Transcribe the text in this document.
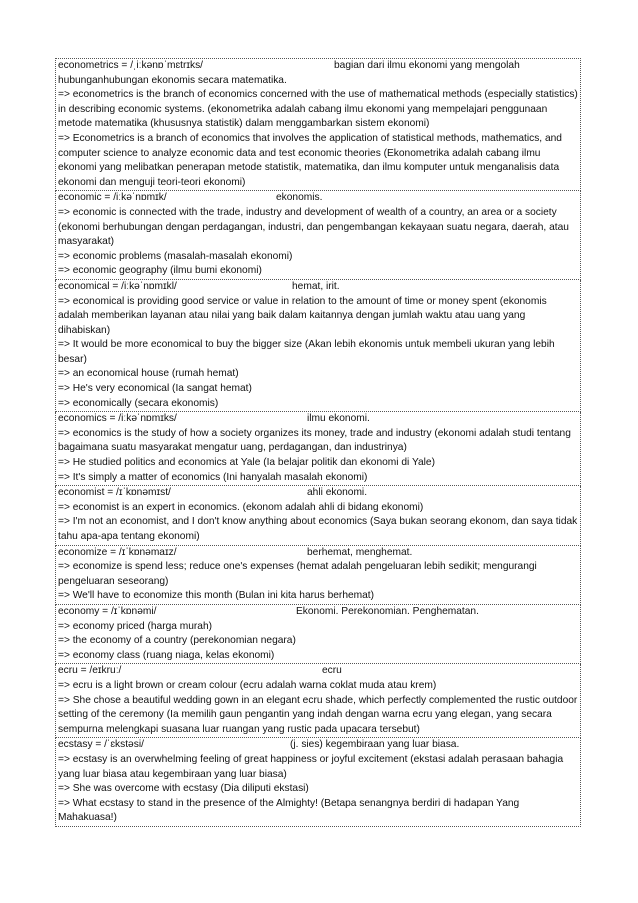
econometrics = /ˌiːkənɒˈmɛtrɪks/	bagian dari ilmu ekonomi yang mengolah
hubunganhubungan ekonomis secara matematika.
=> econometrics is the branch of economics concerned with the use of mathematical methods (especially statistics) in describing economic systems. (ekonometrika adalah cabang ilmu ekonomi yang mempelajari penggunaan metode matematika (khususnya statistik) dalam menggambarkan sistem ekonomi)
=> Econometrics is a branch of economics that involves the application of statistical methods, mathematics, and computer science to analyze economic data and test economic theories (Ekonometrika adalah cabang ilmu ekonomi yang melibatkan penerapan metode statistik, matematika, dan ilmu komputer untuk menganalisis data ekonomi dan menguji teori-teori ekonomi)
economic = /iːkəˈnɒmɪk/	ekonomis.
=> economic is connected with the trade, industry and development of wealth of a country, an area or a society (ekonomi berhubungan dengan perdagangan, industri, dan pengembangan kekayaan suatu negara, daerah, atau masyarakat)
=> economic problems (masalah-masalah ekonomi)
=> economic geography (ilmu bumi ekonomi)
economical = /iːkəˈnɒmɪkl/	hemat, irit.
=> economical is providing good service or value in relation to the amount of time or money spent (ekonomis adalah memberikan layanan atau nilai yang baik dalam kaitannya dengan jumlah waktu atau uang yang dihabiskan)
=> It would be more economical to buy the bigger size (Akan lebih ekonomis untuk membeli ukuran yang lebih besar)
=> an economical house (rumah hemat)
=> He's very economical (Ia sangat hemat)
=> economically (secara ekonomis)
economics = /iːkəˈnɒmɪks/	ilmu ekonomi.
=> economics is the study of how a society organizes its money, trade and industry (ekonomi adalah studi tentang bagaimana suatu masyarakat mengatur uang, perdagangan, dan industrinya)
=> He studied politics and economics at Yale (Ia belajar politik dan ekonomi di Yale)
=> It's simply a matter of economics (Ini hanyalah masalah ekonomi)
economist = /ɪˈkɒnəmɪst/	ahli ekonomi.
=> economist is an expert in economics. (ekonom adalah ahli di bidang ekonomi)
=> I'm not an economist, and I don't know anything about economics (Saya bukan seorang ekonom, dan saya tidak tahu apa-apa tentang ekonomi)
economize = /ɪˈkɒnəmaɪz/	berhemat, menghemat.
=> economize is spend less; reduce one's expenses (hemat adalah pengeluaran lebih sedikit; mengurangi pengeluaran seseorang)
=> We'll have to economize this month (Bulan ini kita harus berhemat)
economy = /ɪˈkɒnəmi/	Ekonomi. Perekonomian. Penghematan.
=> economy priced (harga murah)
=> the economy of a country (perekonomian negara)
=> economy class (ruang niaga, kelas ekonomi)
ecru = /eɪkruː/	ecru
=> ecru is a light brown or cream colour (ecru adalah warna coklat muda atau krem)
=> She chose a beautiful wedding gown in an elegant ecru shade, which perfectly complemented the rustic outdoor setting of the ceremony (Ia memilih gaun pengantin yang indah dengan warna ecru yang elegan, yang secara sempurna melengkapi suasana luar ruangan yang rustic pada upacara tersebut)
ecstasy = /ˈɛkstəsi/	(j. sies) kegembiraan yang luar biasa.
=> ecstasy is an overwhelming feeling of great happiness or joyful excitement (ekstasi adalah perasaan bahagia yang luar biasa atau kegembiraan yang luar biasa)
=> She was overcome with ecstasy (Dia diliputi ekstasi)
=> What ecstasy to stand in the presence of the Almighty! (Betapa senangnya berdiri di hadapan Yang Mahakuasa!)
